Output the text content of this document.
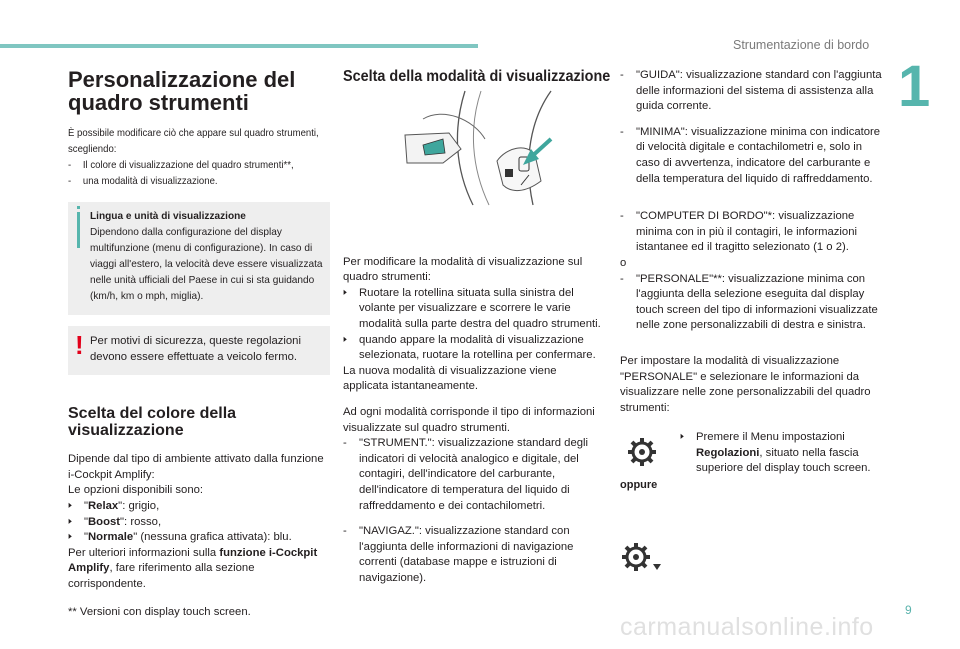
Strumentazione di bordo
1
Personalizzazione del
quadro strumenti

È possibile modificare ciò che appare sul quadro strumenti, scegliendo:

- Il colore di visualizzazione del quadro strumenti**,

- una modalità di visualizzazione.

Lingua e unità di visualizzazione

Dipendono dalla configurazione del display multifunzione (menu di configurazione). In caso di viaggi all'estero, la velocità deve essere visualizzata nelle unità ufficiali del Paese in cui si sta guidando (km/h, km o mph, miglia).

! Per motivi di sicurezza, queste regolazioni devono essere effettuate a veicolo fermo.

Scelta del colore della
visualizzazione

Dipende dal tipo di ambiente attivato dalla funzione i-Cockpit Amplify:

Le opzioni disponibili sono:

🢒 "Relax": grigio,

🢒 "Boost": rosso,

🢒 "Normale" (nessuna grafica attivata): blu.

Per ulteriori informazioni sulla funzione i-Cockpit Amplify, fare riferimento alla sezione corrispondente.

** Versioni con display touch screen.

Scelta della modalità di visualizzazione

Per modificare la modalità di visualizzazione sul quadro strumenti:

🢒 Ruotare la rotellina situata sulla sinistra del volante per visualizzare e scorrere le varie modalità sulla parte destra del quadro strumenti.

🢒 quando appare la modalità di visualizzazione selezionata, ruotare la rotellina per confermare.

La nuova modalità di visualizzazione viene applicata istantaneamente.

Ad ogni modalità corrisponde il tipo di informazioni visualizzate sul quadro strumenti.

- "STRUMENT.": visualizzazione standard degli indicatori di velocità analogico e digitale, del contagiri, dell'indicatore del carburante, dell'indicatore di temperatura del liquido di raffreddamento e dei contachilometri.

- "NAVIGAZ.": visualizzazione standard con l'aggiunta delle informazioni di navigazione correnti (database mappe e istruzioni di navigazione).

- "GUIDA": visualizzazione standard con l'aggiunta delle informazioni del sistema di assistenza alla guida corrente.

- "MINIMA": visualizzazione minima con indicatore di velocità digitale e contachilometri e, solo in caso di avvertenza, indicatore del carburante e della temperatura del liquido di raffreddamento.

- "COMPUTER DI BORDO"*: visualizzazione minima con in più il contagiri, le informazioni istantanee ed il tragitto selezionato (1 o 2).

o

- "PERSONALE"**: visualizzazione minima con l'aggiunta della selezione eseguita dal display touch screen del tipo di informazioni visualizzate nelle zone personalizzabili di destra e sinistra.

Per impostare la modalità di visualizzazione "PERSONALE" e selezionare le informazioni da visualizzare nelle zone personalizzabili del quadro strumenti:

oppure

🢒 Premere il Menu impostazioni Regolazioni, situato nella fascia superiore del display touch screen.

9
carmanualsonline.info
